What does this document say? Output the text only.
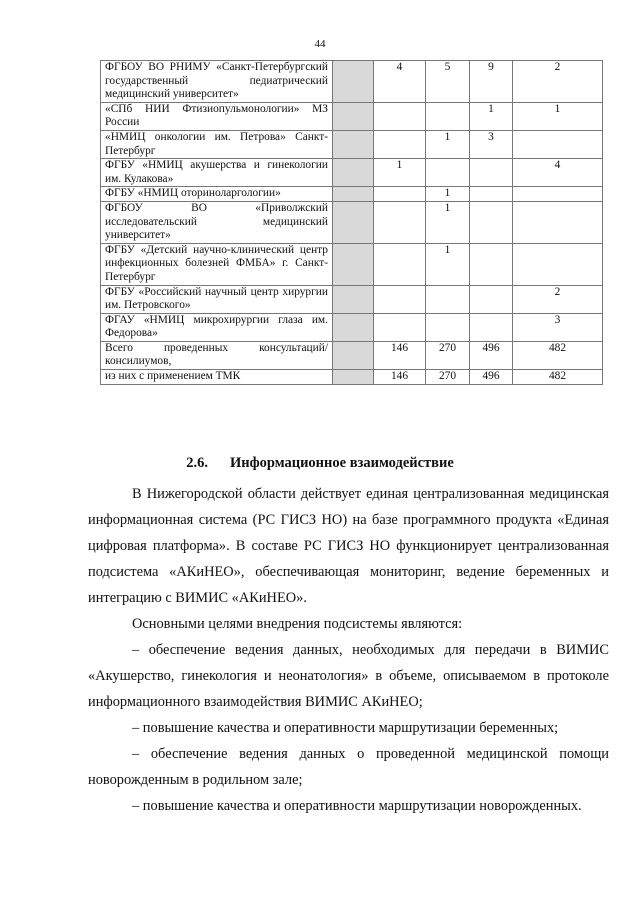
44
ФГБОУ ВО РНИМУ «Санкт-Петербургский государственный педиатрический медицинский университет»		4	5	9	2
«СПб НИИ Фтизиопульмонологии» МЗ России				1	1
«НМИЦ онкологии им. Петрова» Санкт-Петербург			1	3	
ФГБУ «НМИЦ акушерства и гинекологии им. Кулакова»		1			4
ФГБУ «НМИЦ оториноларгологии»			1		
ФГБОУ ВО «Приволжский исследовательский медицинский университет»			1		
ФГБУ «Детский научно-клинический центр инфекционных болезней ФМБА» г. Санкт-Петербург			1		
ФГБУ «Российский научный центр хирургии им. Петровского»					2
ФГАУ «НМИЦ микрохирургии глаза им. Федорова»					3
Всего проведенных консультаций/ консилиумов,		146	270	496	482
из них с применением ТМК		146	270	496	482
2.6. Информационное взаимодействие

В Нижегородской области действует единая централизованная медицинская информационная система (РС ГИСЗ НО) на базе программного продукта «Единая цифровая платформа». В составе РС ГИСЗ НО функционирует централизованная подсистема «АКиНЕО», обеспечивающая мониторинг, ведение беременных и интеграцию с ВИМИС «АКиНЕО».

Основными целями внедрения подсистемы являются:

– обеспечение ведения данных, необходимых для передачи в ВИМИС «Акушерство, гинекология и неонатология» в объеме, описываемом в протоколе информационного взаимодействия ВИМИС АКиНЕО;

– повышение качества и оперативности маршрутизации беременных;

– обеспечение ведения данных о проведенной медицинской помощи новорожденным в родильном зале;

– повышение качества и оперативности маршрутизации новорожденных.
